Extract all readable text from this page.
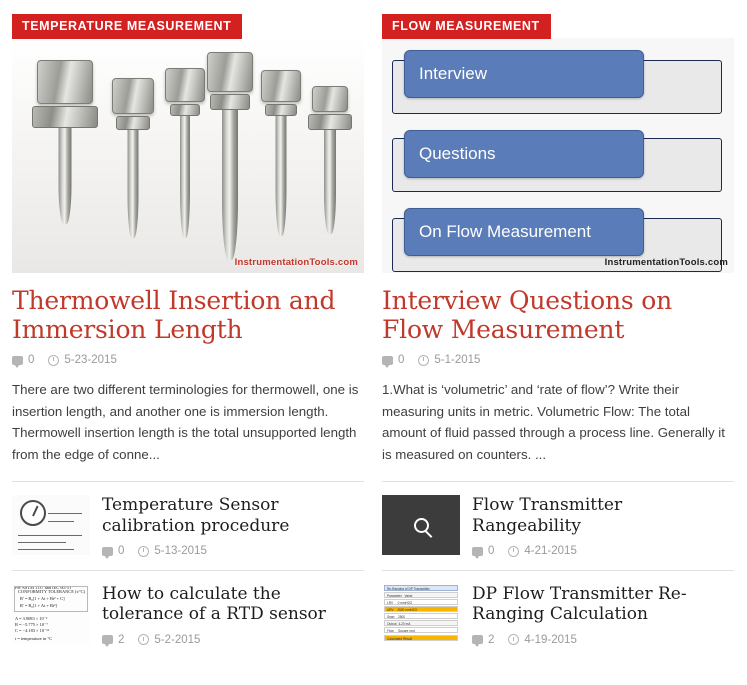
TEMPERATURE MEASUREMENT
InstrumentationTools.com
Thermowell Insertion and Immersion Length
0	5-23-2015

There are two different terminologies for thermowell, one is insertion length, and another one is immersion length. Thermowell insertion length is the total unsupported length from the edge of conne...

Temperature Sensor calibration procedure
0	5-13-2015
Per ASTM 1137 and IEC 60751
CONFORMITY TOLERANCE (±°C)
R' = R₀[1 + At + Bt² + C]
R' = R₀[1 + At + Bt²]
A = 3.9083 × 10⁻³
B = −5.775 × 10⁻⁷
C = −4.183 × 10⁻¹²
t = temperature in °C
How to calculate the tolerance of a RTD sensor
2	5-2-2015
FLOW MEASUREMENT
Interview
Questions
On Flow Measurement
InstrumentationTools.com
Interview Questions on Flow Measurement
0	5-1-2015

1.What is ‘volumetric’ and ‘rate of flow’? Write their measuring units in metric. Volumetric Flow: The total amount of fluid passed through a process line. Generally it is measured on counters. ...

Flow Transmitter Rangeability
0	4-21-2015
Re-Ranging of DP Transmitter
Parameter   Value
LRV     0 mmH2O
URV    2500 mmH2O
Span    2500
Output  4-20 mA
Flow     Square root
Calculated Result
DP Flow Transmitter Re-Ranging Calculation
2	4-19-2015
